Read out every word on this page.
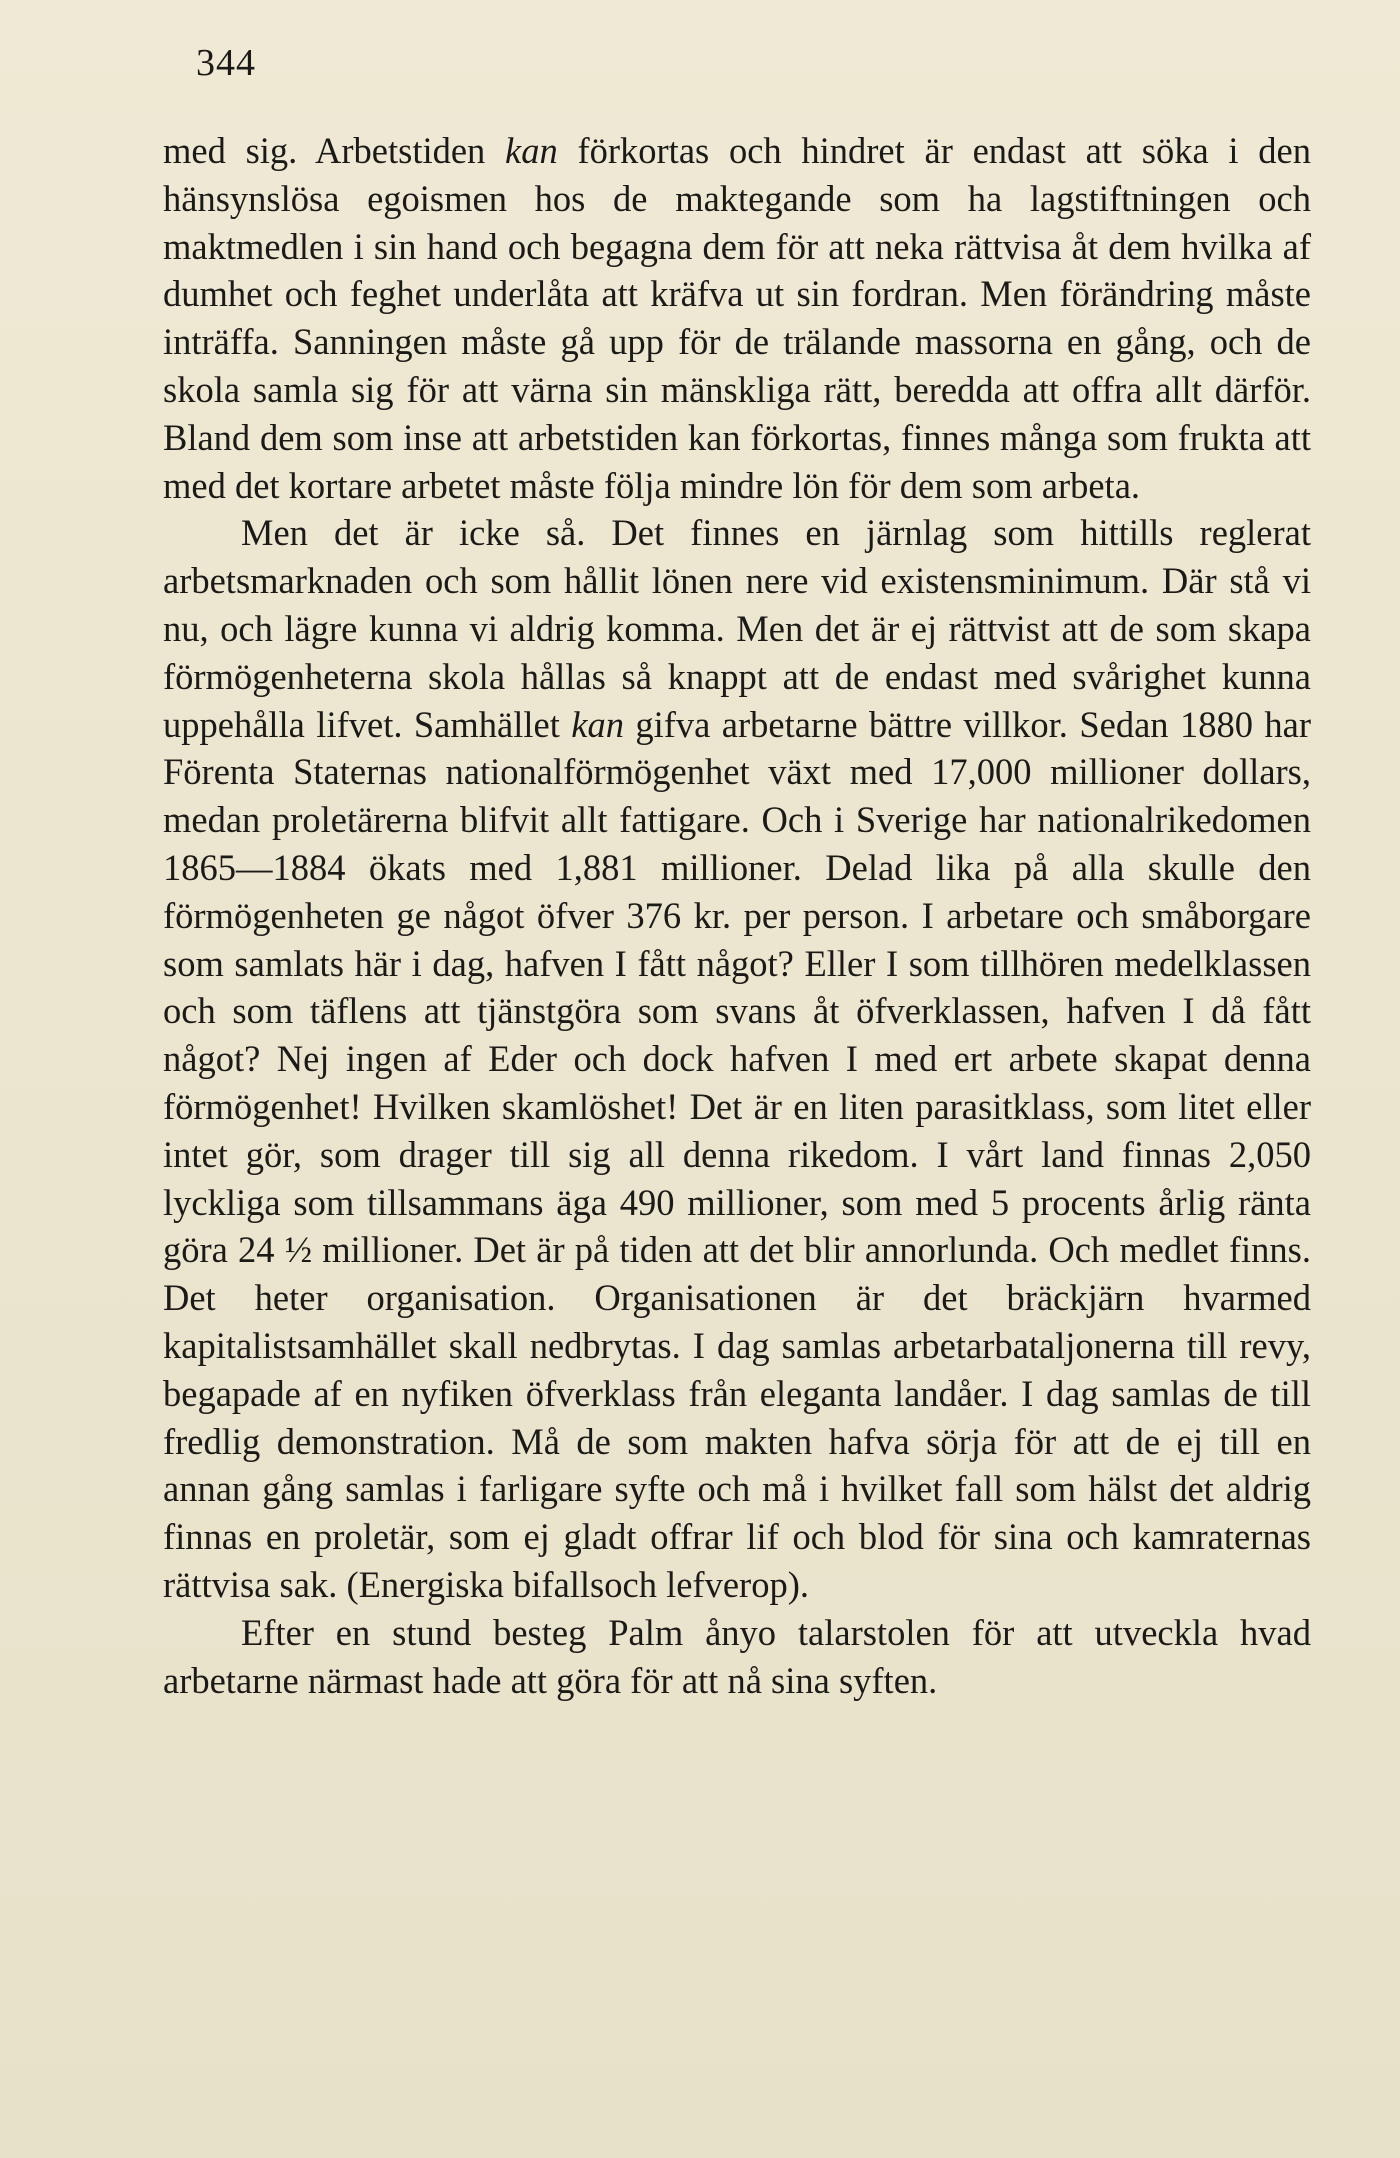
344

med sig. Arbetstiden kan förkortas och hindret är endast att söka i den hänsynslösa egoismen hos de maktegande som ha lagstiftningen och maktmedlen i sin hand och begagna dem för att neka rättvisa åt dem hvilka af dumhet och feghet underlåta att kräfva ut sin fordran. Men förändring måste inträffa. Sanningen måste gå upp för de trälande massorna en gång, och de skola samla sig för att värna sin mänskliga rätt, beredda att offra allt därför. Bland dem som inse att arbetstiden kan förkortas, finnes många som frukta att med det kortare arbetet måste följa mindre lön för dem som arbeta.

Men det är icke så. Det finnes en järnlag som hittills reglerat arbetsmarknaden och som hållit lönen nere vid existensminimum. Där stå vi nu, och lägre kunna vi aldrig komma. Men det är ej rättvist att de som skapa förmögenheterna skola hållas så knappt att de endast med svårighet kunna uppehålla lifvet. Samhället kan gifva arbetarne bättre villkor. Sedan 1880 har Förenta Staternas nationalförmögenhet växt med 17,000 millioner dollars, medan proletärerna blifvit allt fattigare. Och i Sverige har nationalrikedomen 1865—1884 ökats med 1,881 millioner. Delad lika på alla skulle den förmögenheten ge något öfver 376 kr. per person. I arbetare och småborgare som samlats här i dag, hafven I fått något? Eller I som tillhören medelklassen och som täflens att tjänstgöra som svans åt öfverklassen, hafven I då fått något? Nej ingen af Eder och dock hafven I med ert arbete skapat denna förmögenhet! Hvilken skamlöshet! Det är en liten parasitklass, som litet eller intet gör, som drager till sig all denna rikedom. I vårt land finnas 2,050 lyckliga som tillsammans äga 490 millioner, som med 5 procents årlig ränta göra 24 ½ millioner. Det är på tiden att det blir annorlunda. Och medlet finns. Det heter organisation. Organisationen är det bräckjärn hvarmed kapitalistsamhället skall nedbrytas. I dag samlas arbetarbataljonerna till revy, begapade af en nyfiken öfverklass från eleganta landåer. I dag samlas de till fredlig demonstration. Må de som makten hafva sörja för att de ej till en annan gång samlas i farligare syfte och må i hvilket fall som hälst det aldrig finnas en proletär, som ej gladt offrar lif och blod för sina och kamraternas rättvisa sak. (Energiska bifallsoch lefverop).

Efter en stund besteg Palm ånyo talarstolen för att utveckla hvad arbetarne närmast hade att göra för att nå sina syften.
